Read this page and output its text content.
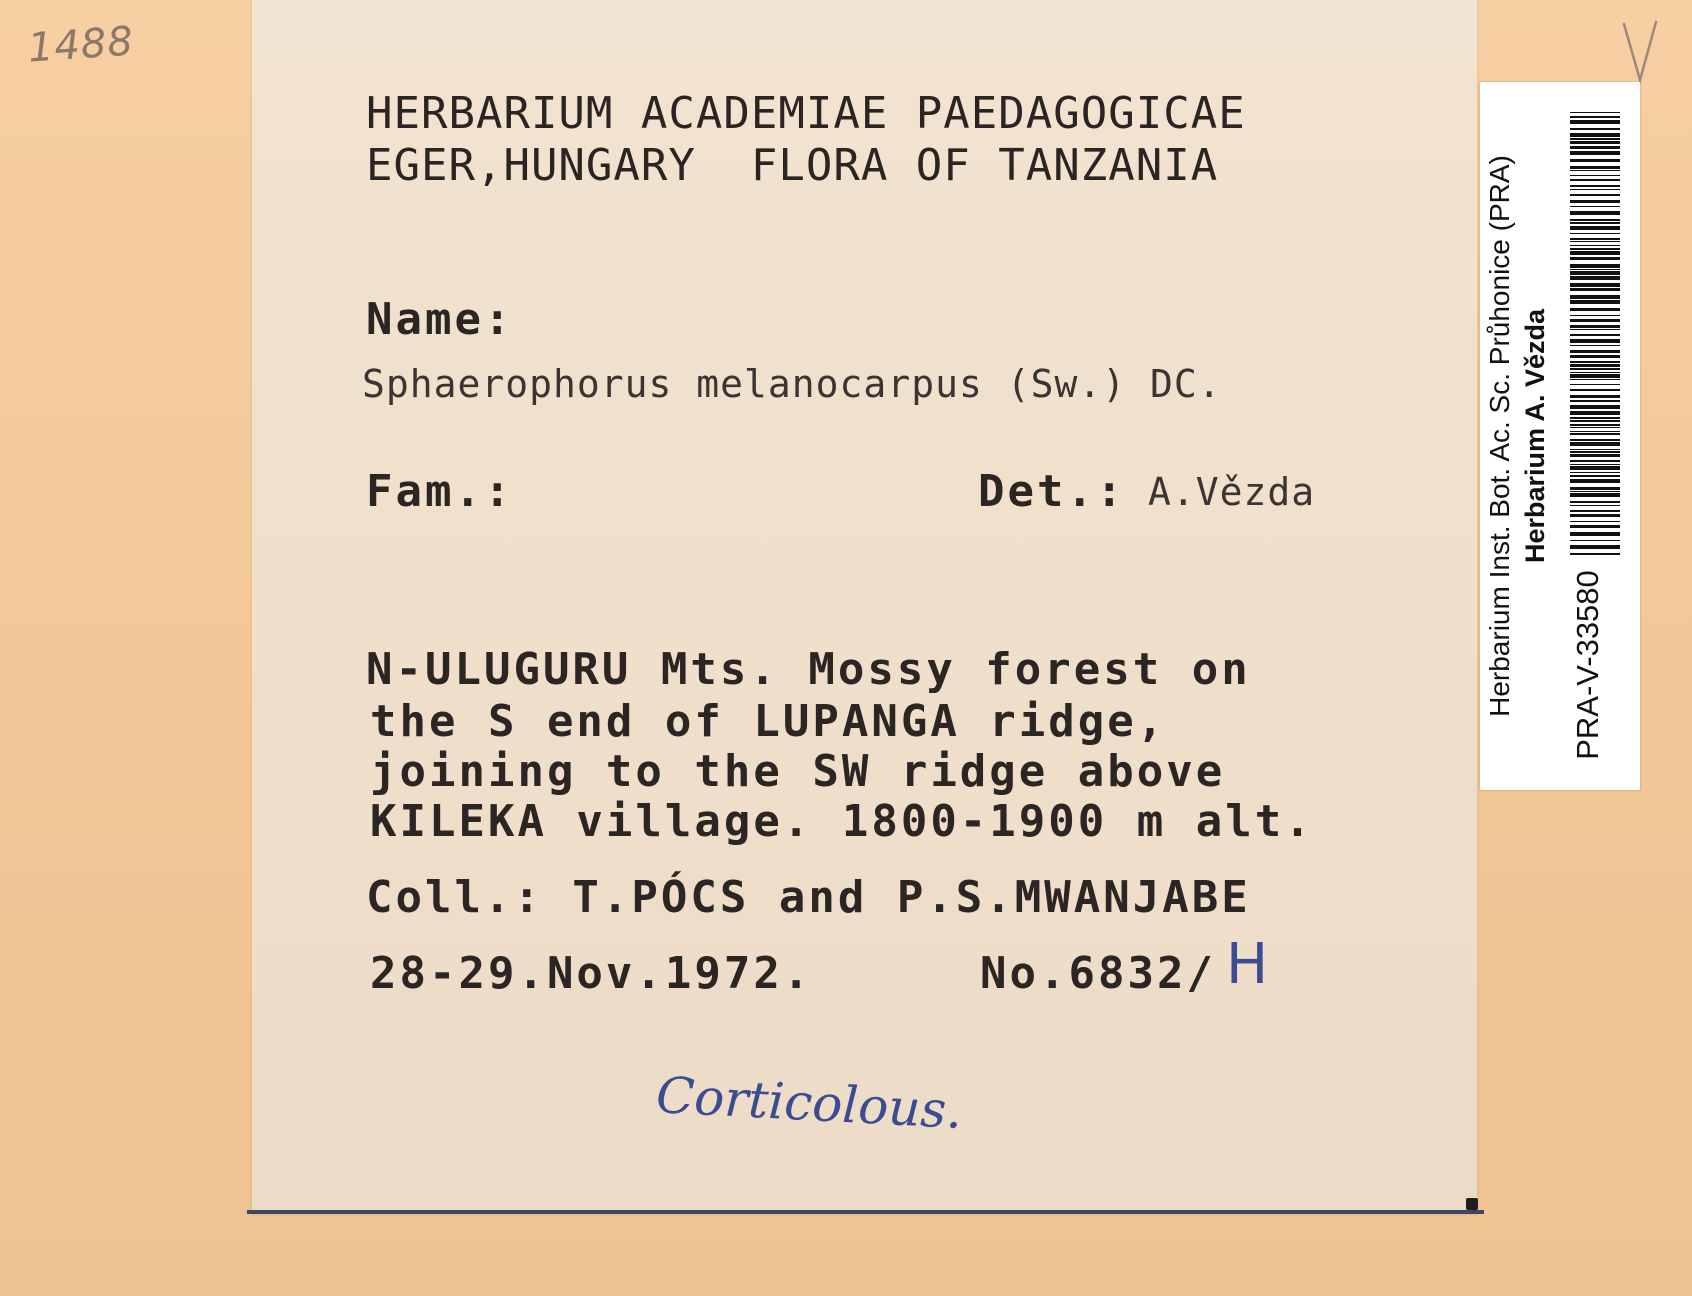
1488
HERBARIUM ACADEMIAE PAEDAGOGICAE
EGER,HUNGARY  FLORA OF TANZANIA
Name:
Sphaerophorus melanocarpus (Sw.) DC.
Fam.:	Det.: A.Vězda
N-ULUGURU Mts. Mossy forest on
the S end of LUPANGA ridge,
joining to the SW ridge above
KILEKA village. 1800-1900 m alt.
Coll.: T.PÓCS and P.S.MWANJABE
28-29.Nov.1972.	No.6832/ H
Corticolous.
Herbarium Inst. Bot. Ac. Sc. Průhonice (PRA) Herbarium A. Vězda
PRA-V-33580
